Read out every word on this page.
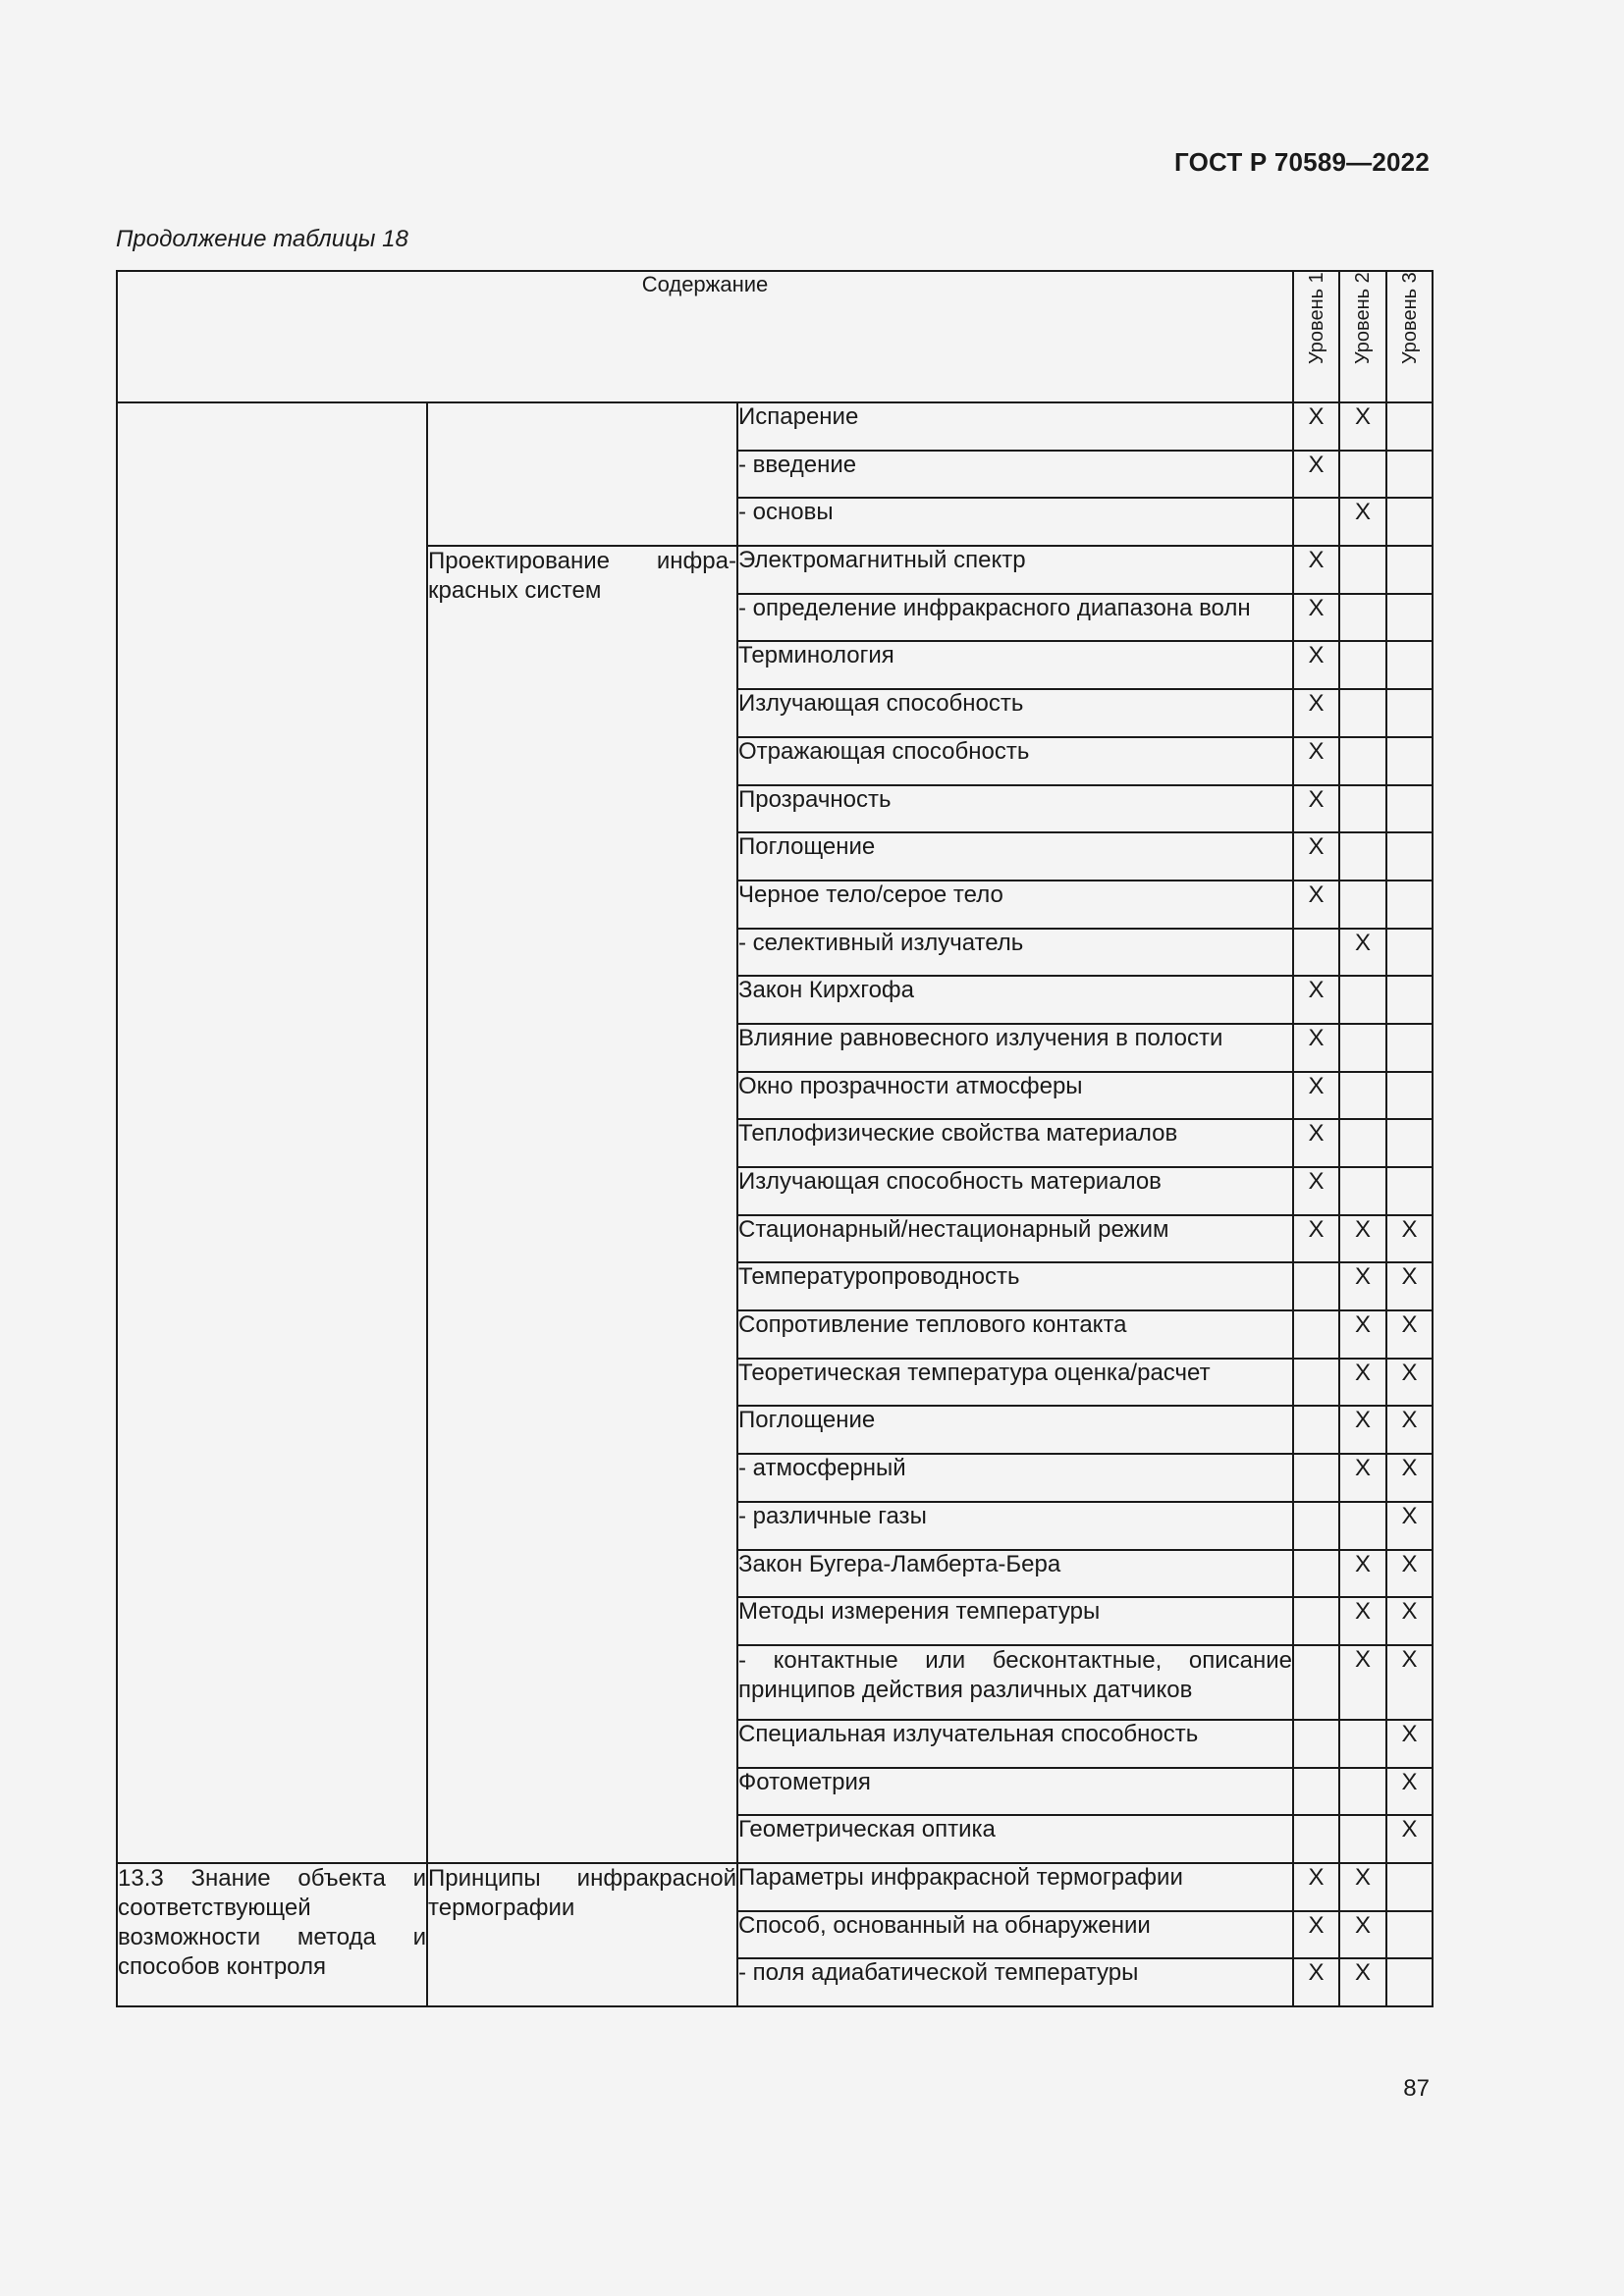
ГОСТ Р 70589—2022
Продолжение таблицы 18
Содержание			Уровень 1	Уровень 2	Уровень 3

		Испарение	X	X	
		- введение	X		
		- основы		X	

	Проектирование инфра-красных систем	Электромагнитный спектр	X		
		- определение инфракрасного диапазона волн	X		
		Терминология	X		
		Излучающая способность	X		
		Отражающая способность	X		
		Прозрачность	X		
		Поглощение	X		
		Черное тело/серое тело	X		
		- селективный излучатель		X	
		Закон Кирхгофа	X		
		Влияние равновесного излучения в полости	X		
		Окно прозрачности атмосферы	X		
		Теплофизические свойства материалов	X		
		Излучающая способность материалов	X		
		Стационарный/нестационарный режим	X	X	X
		Температуропроводность		X	X
		Сопротивление теплового контакта		X	X
		Теоретическая температура оценка/расчет		X	X
		Поглощение		X	X
		- атмосферный		X	X
		- различные газы			X
		Закон Бугера-Ламберта-Бера		X	X
		Методы измерения температуры		X	X
		- контактные или бесконтактные, описание принципов действия различных датчиков		X	X
		Специальная излучательная способность			X
		Фотометрия			X
		Геометрическая оптика			X

13.3 Знание объекта и соответствующей возможности метода и способов контроля	Принципы инфракрасной термографии	Параметры инфракрасной термографии	X	X	
		Способ, основанный на обнаружении	X	X	
		- поля адиабатической температуры	X	X	
87
